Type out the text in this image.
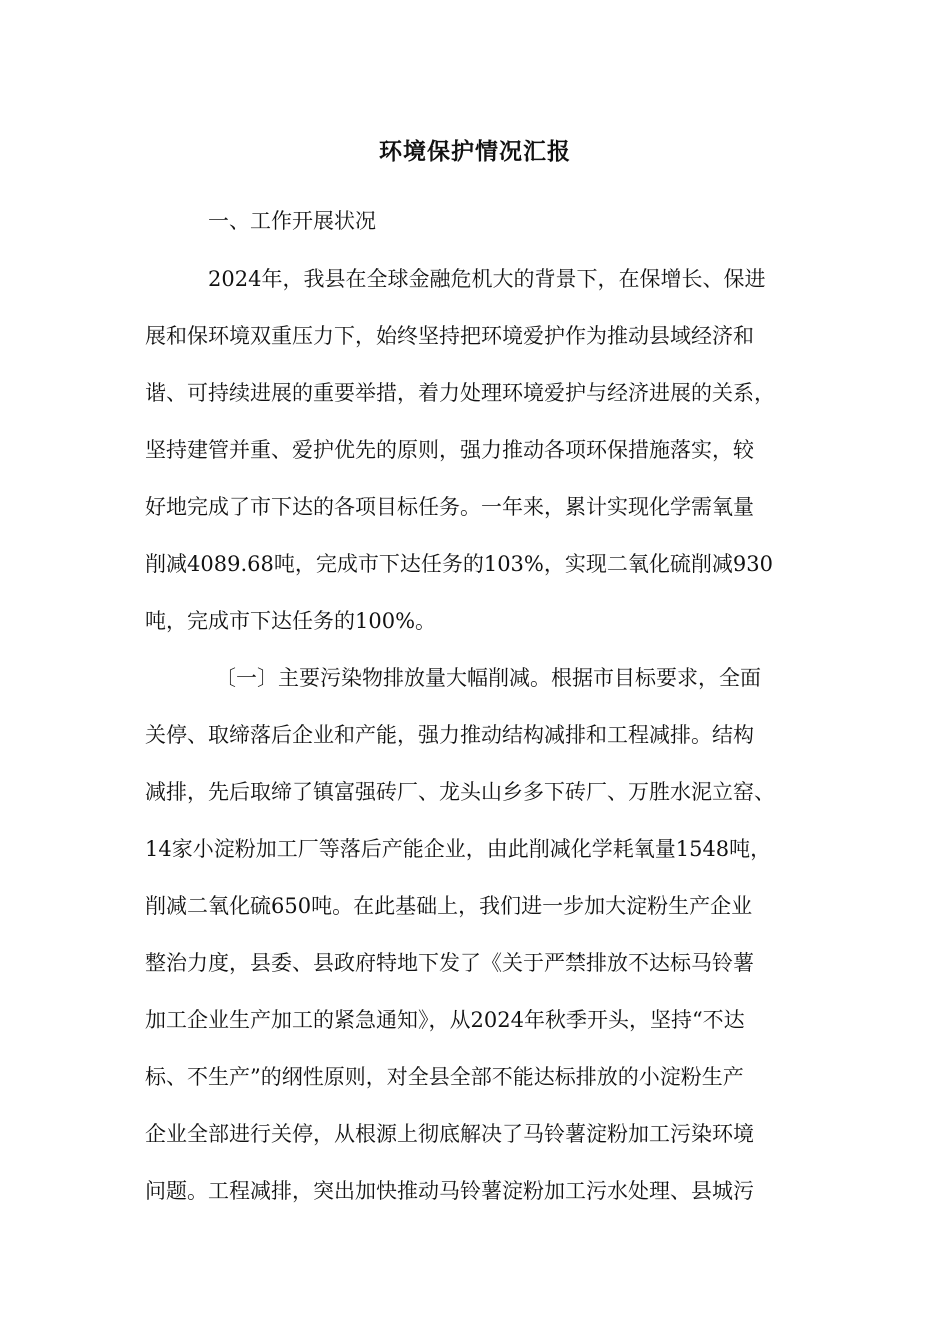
环境保护情况汇报
一、工作开展状况
2024年，我县在全球金融危机大的背景下，在保增长、保进
展和保环境双重压力下，始终坚持把环境爱护作为推动县域经济和
谐、可持续进展的重要举措，着力处理环境爱护与经济进展的关系，
坚持建管并重、爱护优先的原则，强力推动各项环保措施落实，较
好地完成了市下达的各项目标任务。一年来，累计实现化学需氧量
削减4089.68吨，完成市下达任务的103%，实现二氧化硫削减930
吨，完成市下达任务的100%。
〔一〕主要污染物排放量大幅削减。根据市目标要求，全面
关停、取缔落后企业和产能，强力推动结构减排和工程减排。结构
减排，先后取缔了镇富强砖厂、龙头山乡多下砖厂、万胜水泥立窑、
14家小淀粉加工厂等落后产能企业，由此削减化学耗氧量1548吨，
削减二氧化硫650吨。在此基础上，我们进一步加大淀粉生产企业
整治力度，县委、县政府特地下发了《关于严禁排放不达标马铃薯
加工企业生产加工的紧急通知》，从2024年秋季开头，坚持“不达
标、不生产”的纲性原则，对全县全部不能达标排放的小淀粉生产
企业全部进行关停，从根源上彻底解决了马铃薯淀粉加工污染环境
问题。工程减排，突出加快推动马铃薯淀粉加工污水处理、县城污
